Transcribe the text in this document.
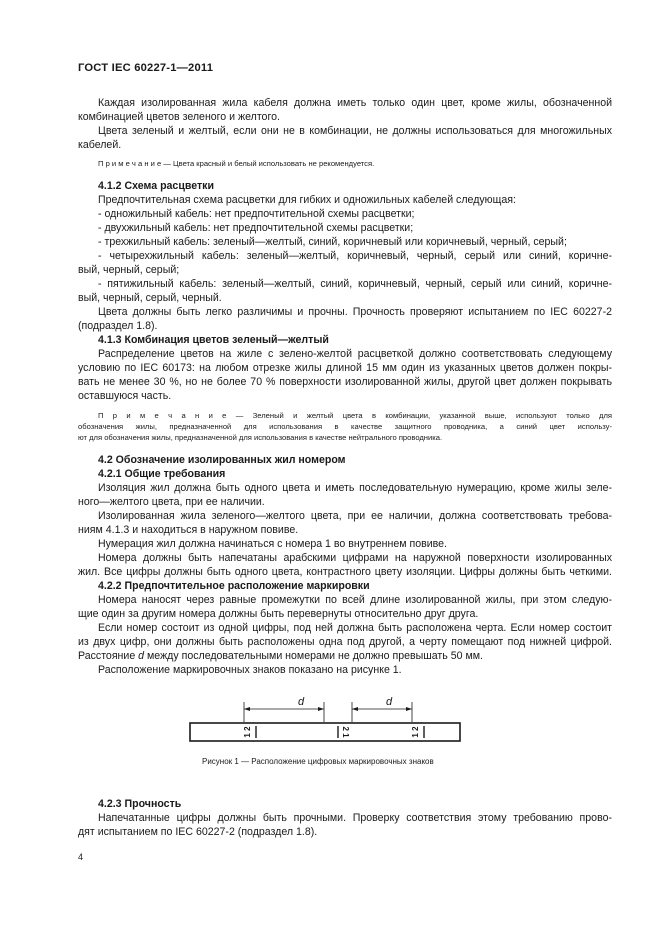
ГОСТ IEC 60227-1—2011
Каждая изолированная жила кабеля должна иметь только один цвет, кроме жилы, обозначенной
комбинацией цветов зеленого и желтого.
Цвета зеленый и желтый, если они не в комбинации, не должны использоваться для многожильных
кабелей.
П р и м е ч а н и е — Цвета красный и белый использовать не рекомендуется.
4.1.2 Схема расцветки
Предпочтительная схема расцветки для гибких и одножильных кабелей следующая:
- одножильный кабель: нет предпочтительной схемы расцветки;
- двухжильный кабель: нет предпочтительной схемы расцветки;
- трехжильный кабель: зеленый—желтый, синий, коричневый или коричневый, черный, серый;
- четырехжильный кабель: зеленый—желтый, коричневый, черный, серый или синий, коричне-
вый, черный, серый;
- пятижильный кабель: зеленый—желтый, синий, коричневый, черный, серый или синий, коричне-
вый, черный, серый, черный.
Цвета должны быть легко различимы и прочны. Прочность проверяют испытанием по IEC 60227-2
(подраздел 1.8).
4.1.3 Комбинация цветов зеленый—желтый
Распределение цветов на жиле с зелено-желтой расцветкой должно соответствовать следующему
условию по IEC 60173: на любом отрезке жилы длиной 15 мм один из указанных цветов должен покры-
вать не менее 30 %, но не более 70 % поверхности изолированной жилы, другой цвет должен покрывать
оставшуюся часть.
П р и м е ч а н и е — Зеленый и желтый цвета в комбинации, указанной выше, используют только для
обозначения жилы, предназначенной для использования в качестве защитного проводника, а синий цвет использу-
ют для обозначения жилы, предназначенной для использования в качестве нейтрального проводника.
4.2 Обозначение изолированных жил номером
4.2.1 Общие требования
Изоляция жил должна быть одного цвета и иметь последовательную нумерацию, кроме жилы зеле-
ного—желтого цвета, при ее наличии.
Изолированная жила зеленого—желтого цвета, при ее наличии, должна соответствовать требова-
ниям 4.1.3 и находиться в наружном повиве.
Нумерация жил должна начинаться с номера 1 во внутреннем повиве.
Номера должны быть напечатаны арабскими цифрами на наружной поверхности изолированных
жил. Все цифры должны быть одного цвета, контрастного цвету изоляции. Цифры должны быть четкими.
4.2.2 Предпочтительное расположение маркировки
Номера наносят через равные промежутки по всей длине изолированной жилы, при этом следую-
щие один за другим номера должны быть перевернуты относительно друг друга.
Если номер состоит из одной цифры, под ней должна быть расположена черта. Если номер состоит
из двух цифр, они должны быть расположены одна под другой, а черту помещают под нижней цифрой.
Расстояние d между последовательными номерами не должно превышать 50 мм.
Расположение маркировочных знаков показано на рисунке 1.
d	d
1 2	2 1	1 2
Рисунок 1 — Расположение цифровых маркировочных знаков
4.2.3 Прочность
Напечатанные цифры должны быть прочными. Проверку соответствия этому требованию прово-
дят испытанием по IEC 60227-2 (подраздел 1.8).
4
